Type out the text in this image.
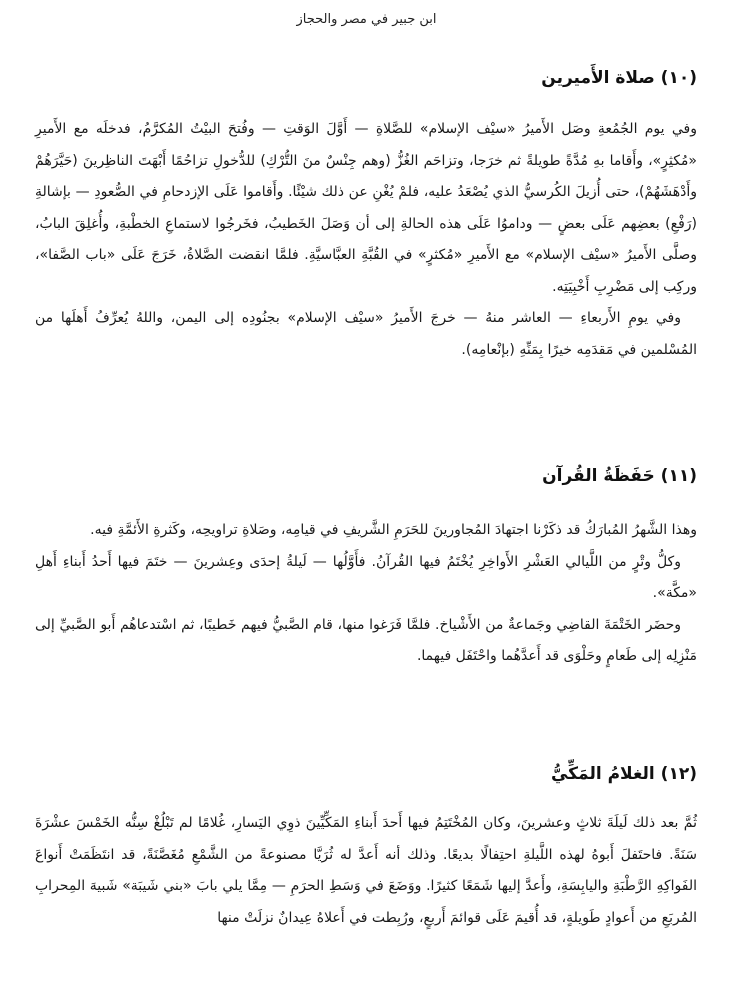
ابن جبير في مصر والحجاز
(١٠) صلاة الأَميرين

وفي يوم الجُمُعةِ وصَل الأَميرُ «سيْف الإسلام» للصَّلاةِ — أَوَّلَ الوَقتِ — وفُتحَ البيْتُ المُكرَّمُ، فدخلَه مع الأَميرِ «مُكثِرٍ»، وأَقاما بهِ مُدَّةً طويلةً ثم خرَجا، وتزاحَم الغُزُّ (وهم جِنْسٌ منَ التُّرْكِ) للدُّخولِ تزاحُمًا أَبْهَتَ الناظِرينَ (حَيَّرَهُمْ وأَدْهَشَهُمْ)، حتى أُزيلَ الكُرسيُّ الذي يُصْعَدُ عليه، فلمْ يُغْنِ عن ذلك شيْئًا. وأَقاموا عَلَى الإزدحامِ في الصُّعودِ — بإشالةِ (رَفْعِ) بعضِهم عَلَى بعضٍ — وداموُا عَلَى هذه الحالةِ إلى أن وَصَلَ الخَطيبُ، فخَرجُوا لاستماعِ الخطْبةِ، وأُغلِقَ البابُ، وصلَّى الأَميرُ «سيْف الإسلام» مع الأَميرِ «مُكثرٍ» في القُبَّةِ العبَّاسيَّةِ. فلمَّا انقضت الصَّلاةُ، خَرَجَ عَلَى «باب الصَّفا»، وركِب إلى مَضْرِبِ أَخْبِيَتِه.

وفي يومِ الأَربعاءِ — العاشر منهُ — خرجَ الأَميرُ «سيْف الإسلام» بجنُودِه إلى اليمن، واللهُ يُعرِّفُ أَهلَها من المُسْلمين في مَقدَمِه خيرًا بِمَنِّهِ (بإنْعامِه).

(١١) حَفَظَةُ القُرآن

وهذا الشَّهرُ المُبارَكُ قد ذكَرْنا اجتهادَ المُجاورينَ للحَرَمِ الشَّريفِ في قيامِه، وصَلاةِ تراويحِه، وكَثرةِ الأَئمَّةِ فيه.

وكلُّ وتْرٍ من اللَّيالي العَشْرِ الأَواخِرِ يُخْتَمُ فيها القُرآنُ. فأَوَّلُها — لَيلةُ إحدَى وعِشرينَ — ختَمَ فيها أَحدُ أَبناءِ أَهلِ «مكَّة».

وحضَر الخَتْمَةَ القاضِي وجَماعةٌ من الأَشْياخ. فلمَّا فَرَغوا منها، قام الصَّبيُّ فيهم خَطيبًا، ثم اسْتدعاهُم أَبو الصَّبيِّ إلى مَنْزِلِه إلى طَعامٍ وحَلْوَى قد أَعدَّهُما واحْتَفَل فيهما.

(١٢) الغلامُ المَكِّيُّ

ثُمَّ بعد ذلك لَيلَةَ ثلاثٍ وعشرينَ، وكان المُخْتَتِمُ فيها أَحدَ أَبناءِ المَكِّيِّينَ ذوِي اليَسارِ، غُلامًا لم تَبْلُغْ سِنُّه الخَمْسَ عشْرَةَ سَنَةً. فاحتَفلَ أَبوهُ لهذه اللَّيلةِ احتِفالًا بديعًا. وذلك أنه أَعدَّ له ثُرَيَّا مصنوعةً من الشَّمْعِ مُغَصَّنَةً، قد انتَظَمَتْ أَنواعَ الفَواكِهِ الرَّطْبَةِ واليابِسَةِ، وأَعدَّ إليها شَمَعًا كثيرًا. ووَضَعَ في وَسَطِ الحرَمِ — مِمَّا يلي بابَ «بني شَيبَة» شَبيهَ المِحرابِ المُربَعِ من أَعوادٍ طَويلةٍ، قد أُقيمَ عَلَى قوائمَ أَربعٍ، ورُبِطت في أَعلاهُ عِيدانٌ نزلَتْ منها
